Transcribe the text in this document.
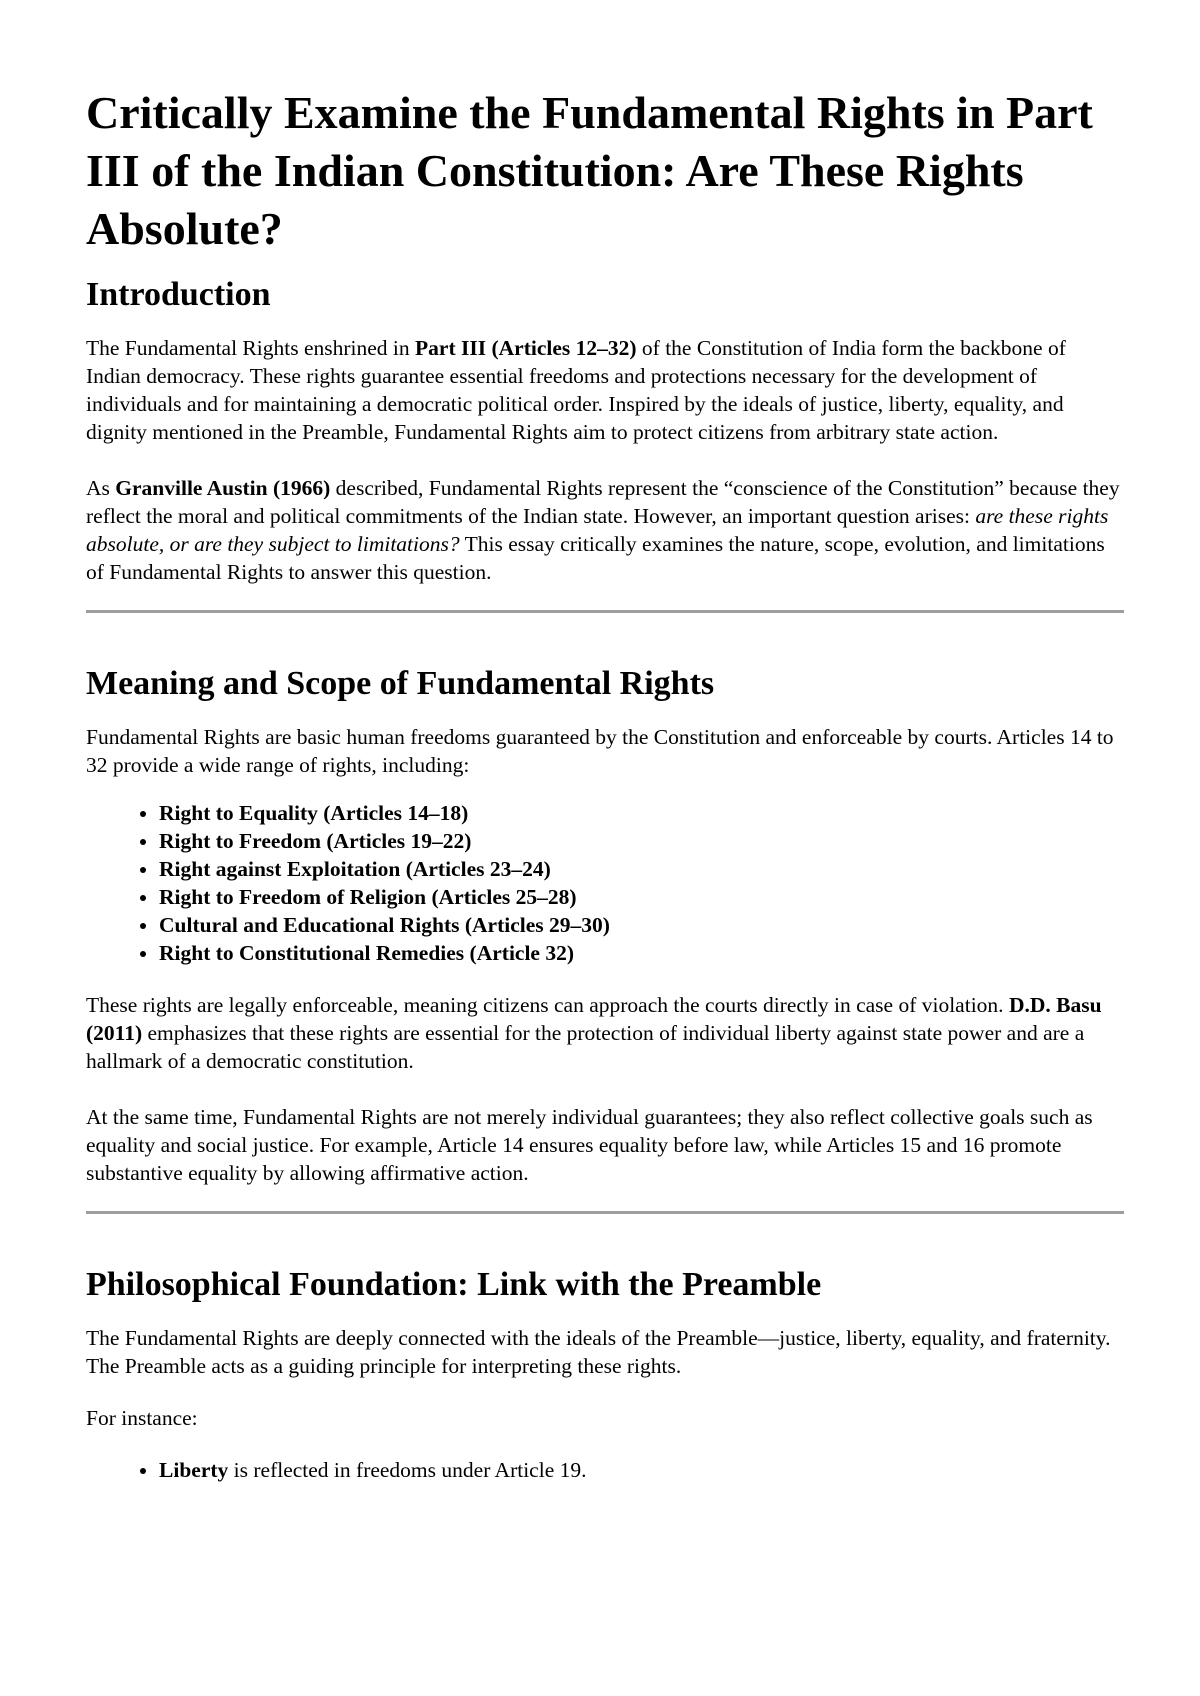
Critically Examine the Fundamental Rights in Part III of the Indian Constitution: Are These Rights Absolute?
Introduction

The Fundamental Rights enshrined in Part III (Articles 12–32) of the Constitution of India form the backbone of Indian democracy. These rights guarantee essential freedoms and protections necessary for the development of individuals and for maintaining a democratic political order. Inspired by the ideals of justice, liberty, equality, and dignity mentioned in the Preamble, Fundamental Rights aim to protect citizens from arbitrary state action.

As Granville Austin (1966) described, Fundamental Rights represent the “conscience of the Constitution” because they reflect the moral and political commitments of the Indian state. However, an important question arises: are these rights absolute, or are they subject to limitations? This essay critically examines the nature, scope, evolution, and limitations of Fundamental Rights to answer this question.

Meaning and Scope of Fundamental Rights

Fundamental Rights are basic human freedoms guaranteed by the Constitution and enforceable by courts. Articles 14 to 32 provide a wide range of rights, including:

• Right to Equality (Articles 14–18)
• Right to Freedom (Articles 19–22)
• Right against Exploitation (Articles 23–24)
• Right to Freedom of Religion (Articles 25–28)
• Cultural and Educational Rights (Articles 29–30)
• Right to Constitutional Remedies (Article 32)

These rights are legally enforceable, meaning citizens can approach the courts directly in case of violation. D.D. Basu (2011) emphasizes that these rights are essential for the protection of individual liberty against state power and are a hallmark of a democratic constitution.

At the same time, Fundamental Rights are not merely individual guarantees; they also reflect collective goals such as equality and social justice. For example, Article 14 ensures equality before law, while Articles 15 and 16 promote substantive equality by allowing affirmative action.

Philosophical Foundation: Link with the Preamble

The Fundamental Rights are deeply connected with the ideals of the Preamble—justice, liberty, equality, and fraternity. The Preamble acts as a guiding principle for interpreting these rights.

For instance:

• Liberty is reflected in freedoms under Article 19.
